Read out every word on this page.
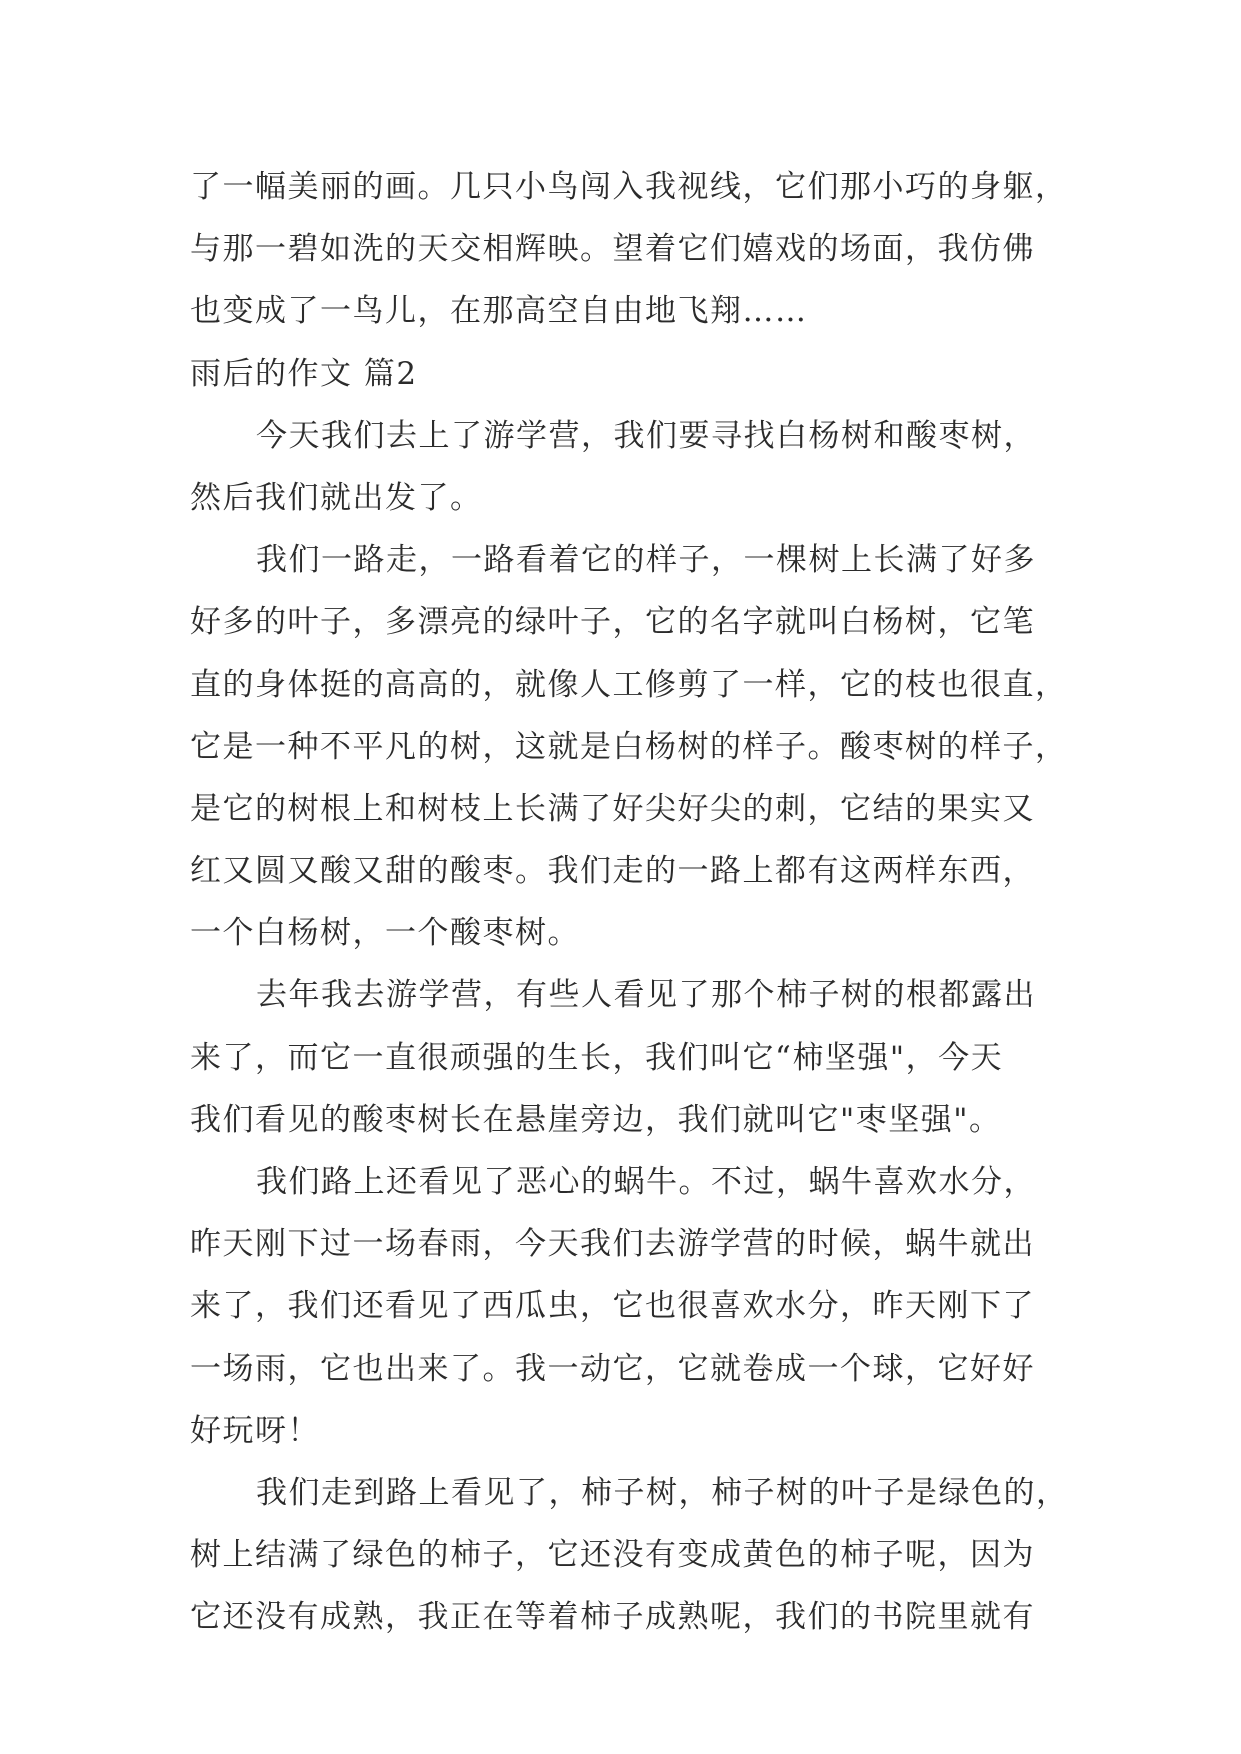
了一幅美丽的画。几只小鸟闯入我视线，它们那小巧的身躯，
与那一碧如洗的天交相辉映。望着它们嬉戏的场面，我仿佛
也变成了一鸟儿，在那高空自由地飞翔……
雨后的作文 篇2
今天我们去上了游学营，我们要寻找白杨树和酸枣树，
然后我们就出发了。
我们一路走，一路看着它的样子，一棵树上长满了好多
好多的叶子，多漂亮的绿叶子，它的名字就叫白杨树，它笔
直的身体挺的高高的，就像人工修剪了一样，它的枝也很直，
它是一种不平凡的树，这就是白杨树的样子。酸枣树的样子，
是它的树根上和树枝上长满了好尖好尖的刺，它结的果实又
红又圆又酸又甜的酸枣。我们走的一路上都有这两样东西，
一个白杨树，一个酸枣树。
去年我去游学营，有些人看见了那个柿子树的根都露出
来了，而它一直很顽强的生长，我们叫它“柿坚强"，今天
我们看见的酸枣树长在悬崖旁边，我们就叫它"枣坚强"。
我们路上还看见了恶心的蜗牛。不过，蜗牛喜欢水分，
昨天刚下过一场春雨，今天我们去游学营的时候，蜗牛就出
来了，我们还看见了西瓜虫，它也很喜欢水分，昨天刚下了
一场雨，它也出来了。我一动它，它就卷成一个球，它好好
好玩呀！
我们走到路上看见了，柿子树，柿子树的叶子是绿色的，
树上结满了绿色的柿子，它还没有变成黄色的柿子呢，因为
它还没有成熟，我正在等着柿子成熟呢，我们的书院里就有
